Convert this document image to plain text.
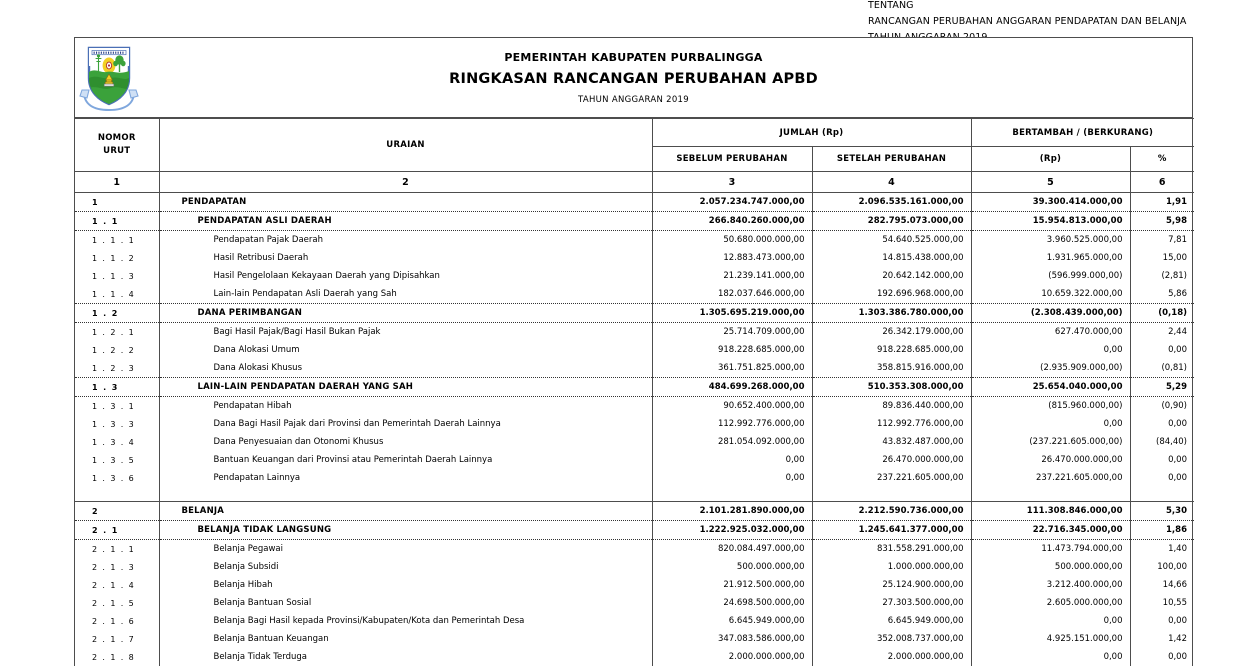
TENTANG
RANCANGAN PERUBAHAN ANGGARAN PENDAPATAN DAN BELANJA
PEMERINTAH KABUPATEN PURBALINGGA
RINGKASAN RANCANGAN PERUBAHAN APBD
TAHUN ANGGARAN 2019
NOMOR
URUT	URAIAN	JUMLAH (Rp)		BERTAMBAH / (BERKURANG)	
		SEBELUM PERUBAHAN	SETELAH PERUBAHAN	(Rp)	%
1	2	3	4	5	6
1	PENDAPATAN	2.057.234.747.000,00	2.096.535.161.000,00	39.300.414.000,00	1,91
1 . 1	PENDAPATAN ASLI DAERAH	266.840.260.000,00	282.795.073.000,00	15.954.813.000,00	5,98
1 . 1 . 1	Pendapatan Pajak Daerah	50.680.000.000,00	54.640.525.000,00	3.960.525.000,00	7,81
1 . 1 . 2	Hasil Retribusi Daerah	12.883.473.000,00	14.815.438.000,00	1.931.965.000,00	15,00
1 . 1 . 3	Hasil Pengelolaan Kekayaan Daerah yang Dipisahkan	21.239.141.000,00	20.642.142.000,00	(596.999.000,00)	(2,81)
1 . 1 . 4	Lain-lain Pendapatan Asli Daerah yang Sah	182.037.646.000,00	192.696.968.000,00	10.659.322.000,00	5,86
1 . 2	DANA PERIMBANGAN	1.305.695.219.000,00	1.303.386.780.000,00	(2.308.439.000,00)	(0,18)
1 . 2 . 1	Bagi Hasil Pajak/Bagi Hasil Bukan Pajak	25.714.709.000,00	26.342.179.000,00	627.470.000,00	2,44
1 . 2 . 2	Dana Alokasi Umum	918.228.685.000,00	918.228.685.000,00	0,00	0,00
1 . 2 . 3	Dana Alokasi Khusus	361.751.825.000,00	358.815.916.000,00	(2.935.909.000,00)	(0,81)
1 . 3	LAIN-LAIN PENDAPATAN DAERAH YANG SAH	484.699.268.000,00	510.353.308.000,00	25.654.040.000,00	5,29
1 . 3 . 1	Pendapatan Hibah	90.652.400.000,00	89.836.440.000,00	(815.960.000,00)	(0,90)
1 . 3 . 3	Dana Bagi Hasil Pajak dari Provinsi dan Pemerintah Daerah Lainnya	112.992.776.000,00	112.992.776.000,00	0,00	0,00
1 . 3 . 4	Dana Penyesuaian dan Otonomi Khusus	281.054.092.000,00	43.832.487.000,00	(237.221.605.000,00)	(84,40)
1 . 3 . 5	Bantuan Keuangan dari Provinsi atau Pemerintah Daerah Lainnya	0,00	26.470.000.000,00	26.470.000.000,00	0,00
1 . 3 . 6	Pendapatan Lainnya	0,00	237.221.605.000,00	237.221.605.000,00	0,00

2	BELANJA	2.101.281.890.000,00	2.212.590.736.000,00	111.308.846.000,00	5,30
2 . 1	BELANJA TIDAK LANGSUNG	1.222.925.032.000,00	1.245.641.377.000,00	22.716.345.000,00	1,86
2 . 1 . 1	Belanja Pegawai	820.084.497.000,00	831.558.291.000,00	11.473.794.000,00	1,40
2 . 1 . 3	Belanja Subsidi	500.000.000,00	1.000.000.000,00	500.000.000,00	100,00
2 . 1 . 4	Belanja Hibah	21.912.500.000,00	25.124.900.000,00	3.212.400.000,00	14,66
2 . 1 . 5	Belanja Bantuan Sosial	24.698.500.000,00	27.303.500.000,00	2.605.000.000,00	10,55
2 . 1 . 6	Belanja Bagi Hasil kepada Provinsi/Kabupaten/Kota dan Pemerintah Desa	6.645.949.000,00	6.645.949.000,00	0,00	0,00
2 . 1 . 7	Belanja Bantuan Keuangan	347.083.586.000,00	352.008.737.000,00	4.925.151.000,00	1,42
2 . 1 . 8	Belanja Tidak Terduga	2.000.000.000,00	2.000.000.000,00	0,00	0,00
